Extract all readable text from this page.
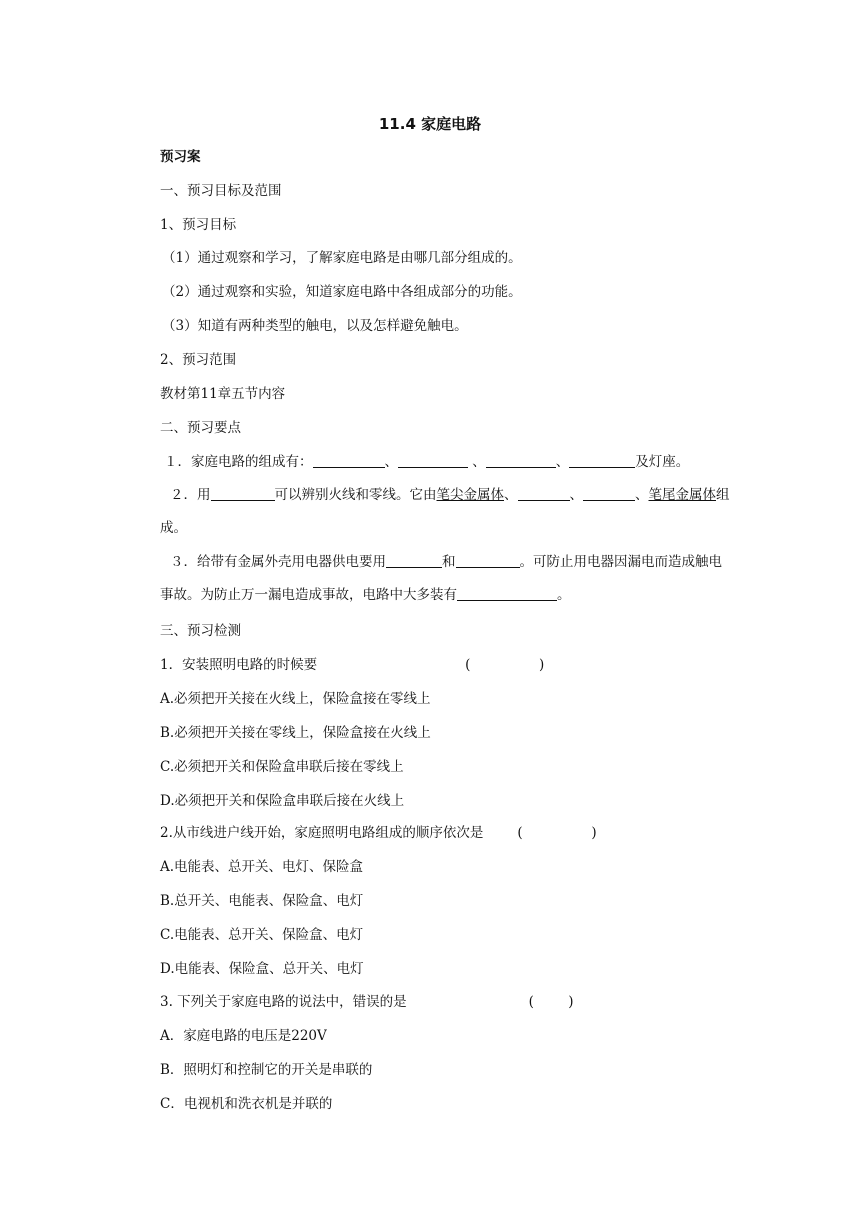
11.4 家庭电路
预习案
一、预习目标及范围
1、预习目标
（1）通过观察和学习，了解家庭电路是由哪几部分组成的。
（2）通过观察和实验，知道家庭电路中各组成部分的功能。
（3）知道有两种类型的触电，以及怎样避免触电。
2、预习范围
教材第11章五节内容
二、预习要点
１．家庭电路的组成有：	、	、	、	及灯座。
２．用	可以辨别火线和零线。它由笔尖金属体、	、	、笔尾金属体组成。
３．给带有金属外壳用电器供电要用	和	。可防止用电器因漏电而造成触电事故。为防止万一漏电造成事故，电路中大多装有	。
三、预习检测
1．安装照明电路的时候要	(                )
A.必须把开关接在火线上，保险盒接在零线上
B.必须把开关接在零线上，保险盒接在火线上
C.必须把开关和保险盒串联后接在零线上
D.必须把开关和保险盒串联后接在火线上
2.从市线进户线开始，家庭照明电路组成的顺序依次是	(                )
A.电能表、总开关、电灯、保险盒
B.总开关、电能表、保险盒、电灯
C.电能表、总开关、保险盒、电灯
D.电能表、保险盒、总开关、电灯
3. 下列关于家庭电路的说法中，错误的是	(        )
A．家庭电路的电压是220V
B．照明灯和控制它的开关是串联的
C．电视机和洗衣机是并联的
